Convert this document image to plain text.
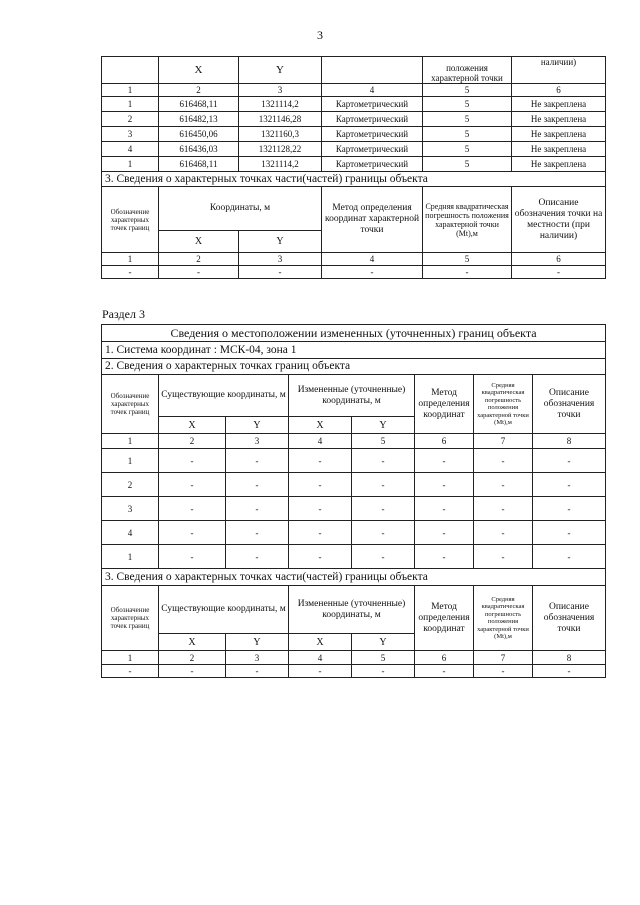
3
	X	Y		положения характерной точки	наличии)
1	2	3	4	5	6
1	616468,11	1321114,2	Картометрический	5	Не закреплена
2	616482,13	1321146,28	Картометрический	5	Не закреплена
3	616450,06	1321160,3	Картометрический	5	Не закреплена
4	616436,03	1321128,22	Картометрический	5	Не закреплена
1	616468,11	1321114,2	Картометрический	5	Не закреплена
3. Сведения о характерных точках части(частей) границы объекта					
Обозначение характерных точек границ	Координаты, м		Метод определения координат характерной точки	Средняя квадратическая погрешность положения характерной точки (Mt),м	Описание обозначения точки на местности (при наличии)
	X	Y			
1	2	3	4	5	6
-	-	-	-	-	-
Раздел 3
Сведения о местоположении измененных (уточненных) границ объекта							
1. Система координат : МСК-04, зона 1							
2. Сведения о характерных точках границ объекта							
Обозначение характерных точек границ	Существующие координаты, м		Измененные (уточненные) координаты, м		Метод определения координат	Средняя квадратическая погрешность положения характерной точки (Mt),м	Описание обозначения точки
	X	Y	X	Y			
1	2	3	4	5	6	7	8
1	-	-	-	-	-	-	-
2	-	-	-	-	-	-	-
3	-	-	-	-	-	-	-
4	-	-	-	-	-	-	-
1	-	-	-	-	-	-	-
3. Сведения о характерных точках части(частей) границы объекта							
Обозначение характерных точек границ	Существующие координаты, м		Измененные (уточненные) координаты, м		Метод определения координат	Средняя квадратическая погрешность положения характерной точки (Mt),м	Описание обозначения точки
	X	Y	X	Y			
1	2	3	4	5	6	7	8
-	-	-	-	-	-	-	-
